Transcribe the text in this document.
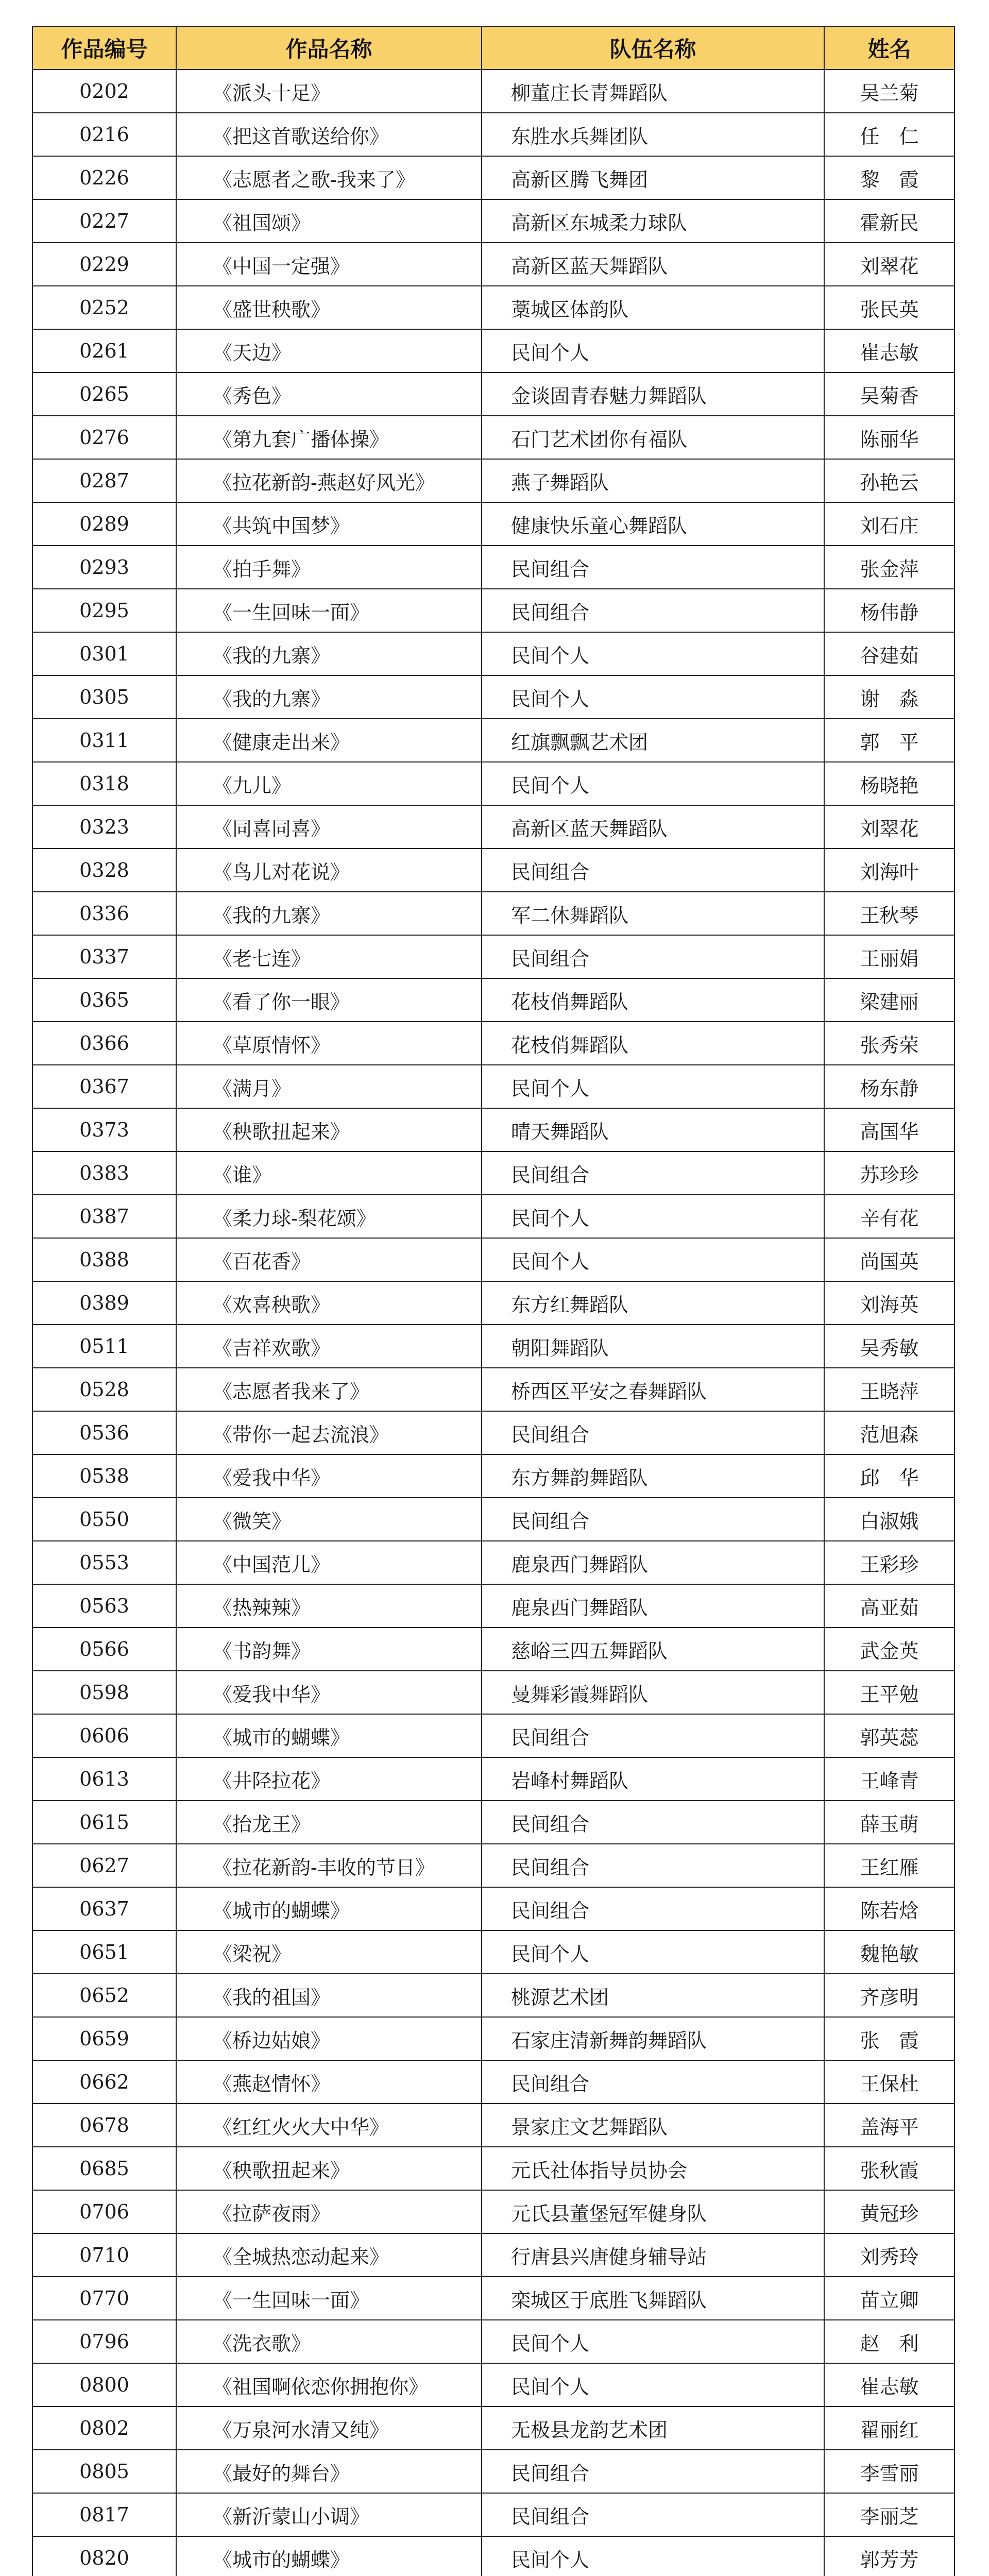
作品编号	作品名称	队伍名称	姓名
0202	《派头十足》	柳董庄长青舞蹈队	吴兰菊
0216	《把这首歌送给你》	东胜水兵舞团队	任　仁
0226	《志愿者之歌-我来了》	高新区腾飞舞团	黎　霞
0227	《祖国颂》	高新区东城柔力球队	霍新民
0229	《中国一定强》	高新区蓝天舞蹈队	刘翠花
0252	《盛世秧歌》	藁城区体韵队	张民英
0261	《天边》	民间个人	崔志敏
0265	《秀色》	金谈固青春魅力舞蹈队	吴菊香
0276	《第九套广播体操》	石门艺术团你有福队	陈丽华
0287	《拉花新韵-燕赵好风光》	燕子舞蹈队	孙艳云
0289	《共筑中国梦》	健康快乐童心舞蹈队	刘石庄
0293	《拍手舞》	民间组合	张金萍
0295	《一生回味一面》	民间组合	杨伟静
0301	《我的九寨》	民间个人	谷建茹
0305	《我的九寨》	民间个人	谢　淼
0311	《健康走出来》	红旗飘飘艺术团	郭　平
0318	《九儿》	民间个人	杨晓艳
0323	《同喜同喜》	高新区蓝天舞蹈队	刘翠花
0328	《鸟儿对花说》	民间组合	刘海叶
0336	《我的九寨》	军二休舞蹈队	王秋琴
0337	《老七连》	民间组合	王丽娟
0365	《看了你一眼》	花枝俏舞蹈队	梁建丽
0366	《草原情怀》	花枝俏舞蹈队	张秀荣
0367	《满月》	民间个人	杨东静
0373	《秧歌扭起来》	晴天舞蹈队	高国华
0383	《谁》	民间组合	苏珍珍
0387	《柔力球-梨花颂》	民间个人	辛有花
0388	《百花香》	民间个人	尚国英
0389	《欢喜秧歌》	东方红舞蹈队	刘海英
0511	《吉祥欢歌》	朝阳舞蹈队	吴秀敏
0528	《志愿者我来了》	桥西区平安之春舞蹈队	王晓萍
0536	《带你一起去流浪》	民间组合	范旭森
0538	《爱我中华》	东方舞韵舞蹈队	邱　华
0550	《微笑》	民间组合	白淑娥
0553	《中国范儿》	鹿泉西门舞蹈队	王彩珍
0563	《热辣辣》	鹿泉西门舞蹈队	高亚茹
0566	《书韵舞》	慈峪三四五舞蹈队	武金英
0598	《爱我中华》	曼舞彩霞舞蹈队	王平勉
0606	《城市的蝴蝶》	民间组合	郭英蕊
0613	《井陉拉花》	岩峰村舞蹈队	王峰青
0615	《抬龙王》	民间组合	薛玉萌
0627	《拉花新韵-丰收的节日》	民间组合	王红雁
0637	《城市的蝴蝶》	民间组合	陈若焓
0651	《梁祝》	民间个人	魏艳敏
0652	《我的祖国》	桃源艺术团	齐彦明
0659	《桥边姑娘》	石家庄清新舞韵舞蹈队	张　霞
0662	《燕赵情怀》	民间组合	王保杜
0678	《红红火火大中华》	景家庄文艺舞蹈队	盖海平
0685	《秧歌扭起来》	元氏社体指导员协会	张秋霞
0706	《拉萨夜雨》	元氏县董堡冠军健身队	黄冠珍
0710	《全城热恋动起来》	行唐县兴唐健身辅导站	刘秀玲
0770	《一生回味一面》	栾城区于底胜飞舞蹈队	苗立卿
0796	《洗衣歌》	民间个人	赵　利
0800	《祖国啊依恋你拥抱你》	民间个人	崔志敏
0802	《万泉河水清又纯》	无极县龙韵艺术团	翟丽红
0805	《最好的舞台》	民间组合	李雪丽
0817	《新沂蒙山小调》	民间组合	李丽芝
0820	《城市的蝴蝶》	民间个人	郭芳芳
